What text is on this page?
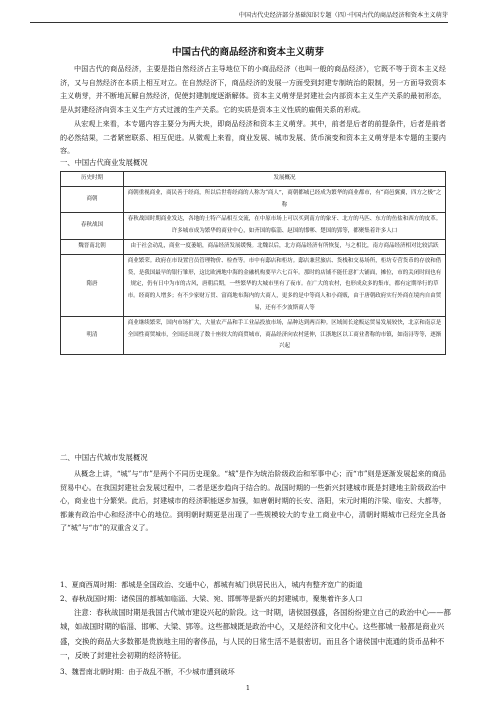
中国古代史经济部分基础知识专题（四）·中国古代的商品经济和资本主义萌芽
中国古代的商品经济和资本主义萌芽

中国古代的商品经济，主要是指自然经济占主导地位下的小商品经济（也叫一般的商品经济），它既不等于资本主义经济，又与自然经济在本质上相互对立。在自然经济下，商品经济的发展一方面受到封建专制统治的限制，另一方面导致资本主义萌芽，并不断地瓦解自然经济，促使封建制度逐渐解体。资本主义萌芽是封建社会内部资本主义生产关系的最初形态，是从封建经济向资本主义生产方式过渡的生产关系。它的实质是资本主义性质的雇佣关系的形成。

从宏观上来看，本专题内容主要分为两大块，即商品经济和资本主义萌芽。其中，前者是后者的前提条件，后者是前者的必然结果，二者紧密联系、相互促进。从微观上来看，商业发展、城市发展、货币演变和资本主义萌芽是本专题的主要内容。

一、中国古代商业发展概况

历史时期	发展概况
商朝	商朝重视商业，商民善于经商，所以后世将经商的人称为“商人”，商朝都城已经成为繁华的商业都市，有“商邑翼翼，四方之极”之称
春秋战国	春秋战国时期商业发达，各地的土特产品相互交流，在中原市场上可以买到南方的象牙、北方的马匹、东方的鱼盐和西方的皮革。许多城市成为繁华的商业中心，如齐国的临淄、赵国的邯郸、楚国的郢等，都聚集着许多人口
魏晋南北朝	由于社会动乱，商业一度萎缩，商品经济发展缓慢。北魏以后，北方商品经济有所恢复，与之相比，南方商品经济相对比较活跃
隋唐	商业繁荣。政府在市设置官员管理物价、检查等。市中有邸店和柜坊。邸店兼营旅店、货栈和交易场所，柜坊专营货币的存放和借贷，是我国最早的银行雏形，这比欧洲地中海的金融机构要早六七百年。那时的店铺不能任意扩大铺面，摊位，市的关闭时间也有规定，仍有日中为市的古风，唐朝后期，一些繁华的大城市里有了夜市。在广大的农村，也形成众多的集市，都有定期举行的草市。经商的人增多；有不少家财万贯、富商地布海内的大商人，更多的是中等商人和小商贩，由于唐朝政府实行外商在境内自由贸易，还有不少波斯商人等
明清	商业继续繁荣，国内市场扩大，大量农产品和手工业品投放市场，品种达到两百种。区域间长途贩运贸易发展较快，北京和南京是全国性商贸城市，全国还出现了数十座较大的商贸城市，商品经济向农村延伸，江浙地区以工商业著称的市镇，如南浔等等，逐渐兴起

二、中国古代城市发展概况

从概念上讲，“城”与“市”是两个不同历史现象。“城”是作为统治阶级政治和军事中心；而“市”则是逐渐发展起来的商品贸易中心。在我国封建社会发展过程中，二者是逐步趋向于结合的。战国时期的一些新兴封建城市既是封建地主阶级政治中心，商业也十分繁荣。此后，封建城市的经济职能逐步加强，如唐朝时期的长安、洛阳，宋元时期的汴梁、临安、大都等，都兼有政治中心和经济中心的地位。到明朝时期更是出现了一些规模较大的专业工商业中心，清朝时期城市已经完全具备了“城”与“市”的双重含义了。

1、夏商西周时期：都城是全国政治、交通中心，都城有城门供居民出入，城内有整齐宽广的街道

2、春秋战国时期：诸侯国的都城如临淄、大梁、宛、邯郸等是新兴的封建城市，聚集着许多人口

注意：春秋战国时期是我国古代城市建设兴起的阶段。这一时期，诸侯国强盛，各国纷纷建立自己的政治中心——都城，如战国时期的临淄、邯郸、大梁、郢等。这些都城既是政治中心，又是经济和文化中心。这些都城一般都是商业兴盛，交换的商品大多数都是贵族地主用的奢侈品，与人民的日常生活不是很密切。而且各个诸侯国中流通的货币品种不一，反映了封建社会初期的经济特征。

3、魏晋南北朝时期：由于战乱不断，不少城市遭到破坏

1
